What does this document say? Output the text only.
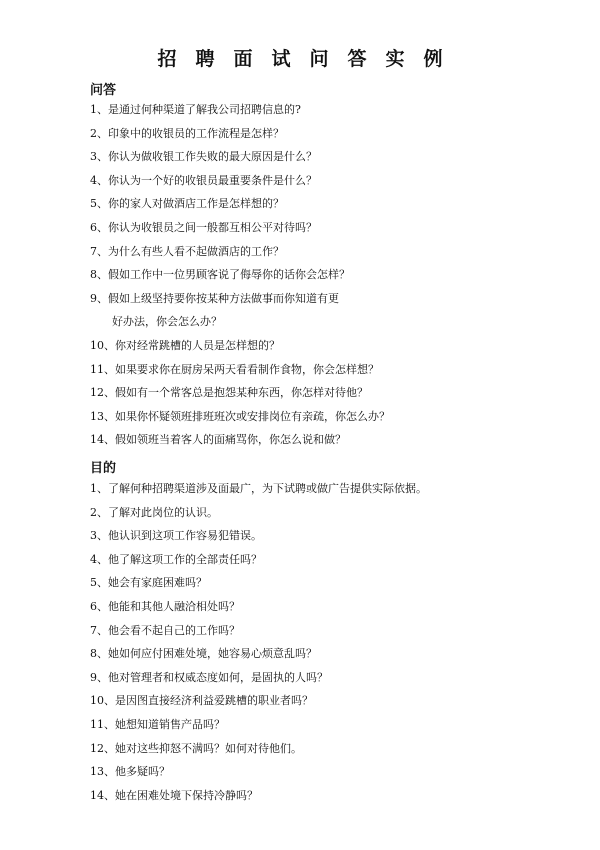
招聘面试问答实例
问答
1、是通过何种渠道了解我公司招聘信息的?
2、印象中的收银员的工作流程是怎样？
3、你认为做收银工作失败的最大原因是什么？
4、你认为一个好的收银员最重要条件是什么？
5、你的家人对做酒店工作是怎样想的？
6、你认为收银员之间一般都互相公平对待吗？
7、为什么有些人看不起做酒店的工作？
8、假如工作中一位男顾客说了侮辱你的话你会怎样？
9、假如上级坚持要你按某种方法做事而你知道有更
好办法，你会怎么办？
10、你对经常跳槽的人员是怎样想的？
11、如果要求你在厨房呆两天看看制作食物，你会怎样想？
12、假如有一个常客总是抱怨某种东西，你怎样对待他？
13、如果你怀疑领班排班班次或安排岗位有亲疏，你怎么办？
14、假如领班当着客人的面痛骂你，你怎么说和做？
目的
1、了解何种招聘渠道涉及面最广，为下试聘或做广告提供实际依据。
2、了解对此岗位的认识。
3、他认识到这项工作容易犯错误。
4、他了解这项工作的全部责任吗？
5、她会有家庭困难吗？
6、他能和其他人融洽相处吗？
7、他会看不起自己的工作吗？
8、她如何应付困难处境，她容易心烦意乱吗？
9、他对管理者和权威态度如何，是固执的人吗？
10、是因图直接经济利益爱跳槽的职业者吗？
11、她想知道销售产品吗？
12、她对这些抑怒不满吗？如何对待他们。
13、他多疑吗？
14、她在困难处境下保持冷静吗？
